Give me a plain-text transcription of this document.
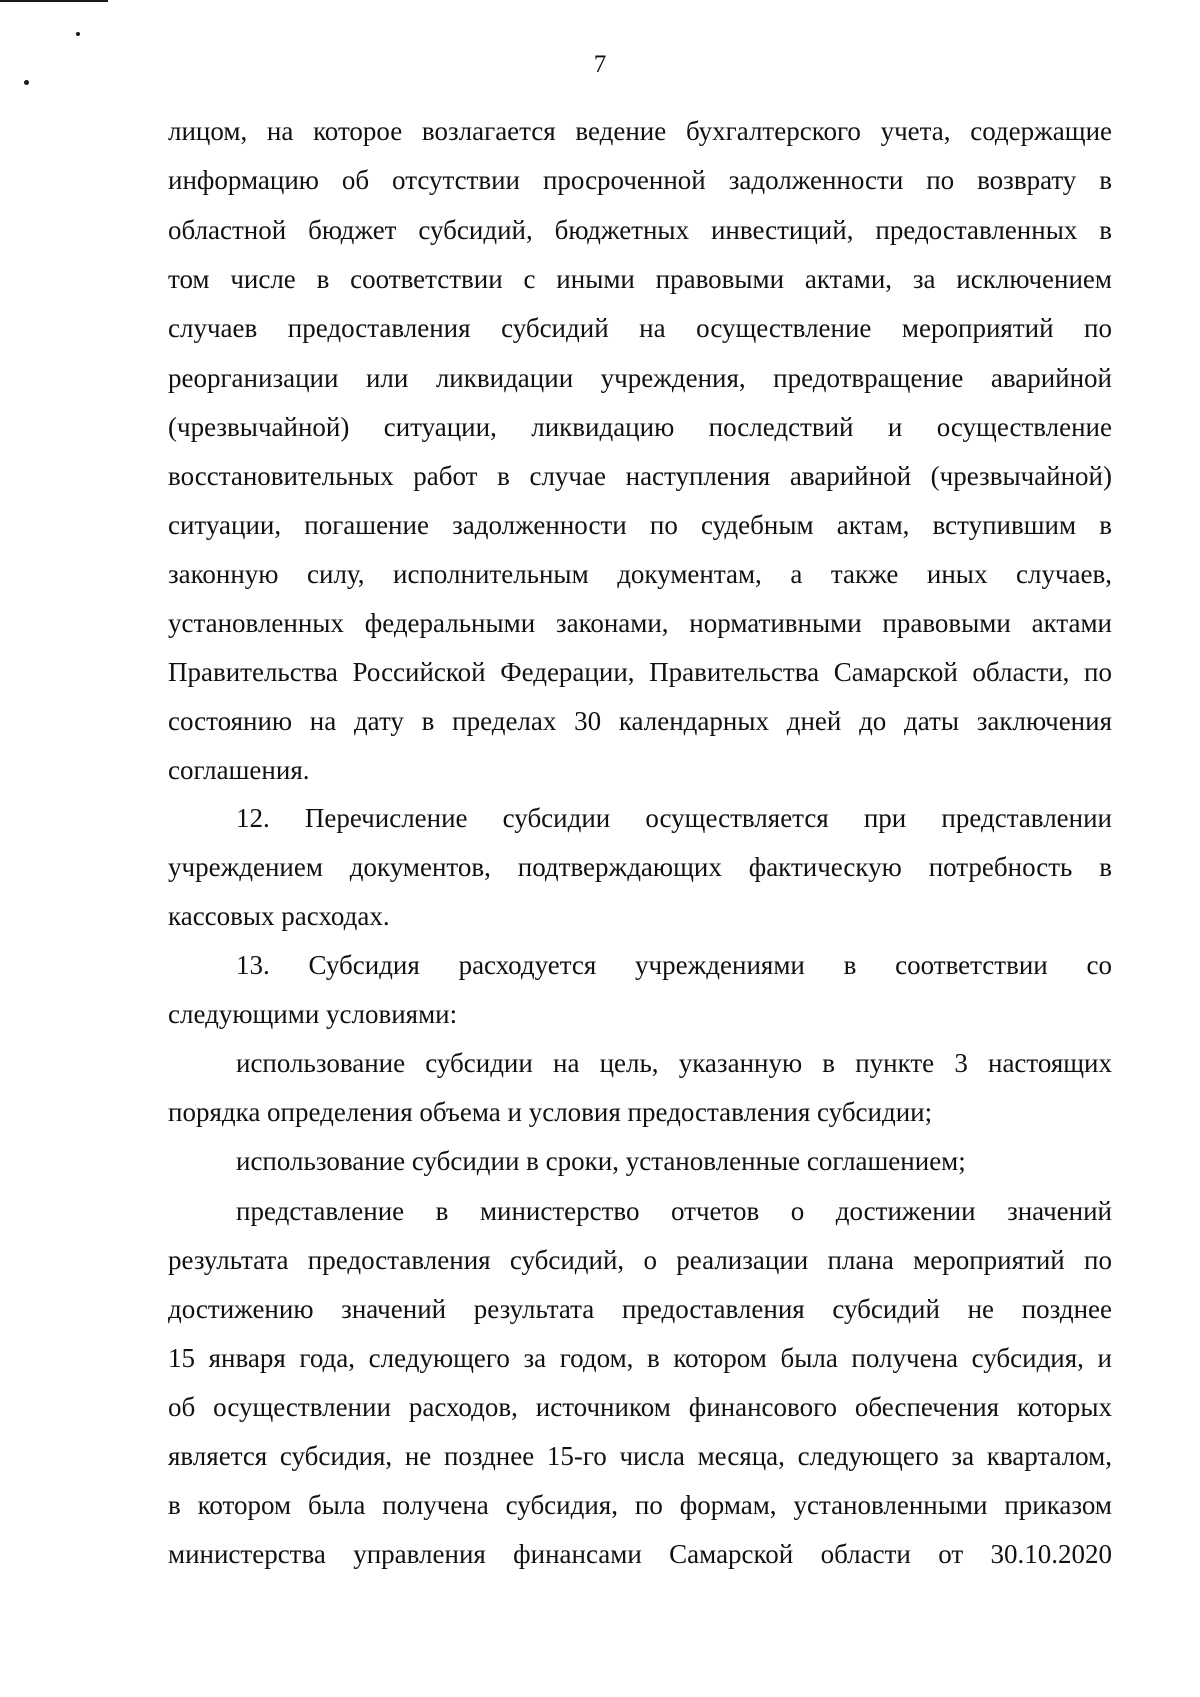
7
лицом, на которое возлагается ведение бухгалтерского учета, содержащие
информацию об отсутствии просроченной задолженности по возврату в
областной бюджет субсидий, бюджетных инвестиций, предоставленных в
том числе в соответствии с иными правовыми актами, за исключением
случаев предоставления субсидий на осуществление мероприятий по
реорганизации или ликвидации учреждения, предотвращение аварийной
(чрезвычайной) ситуации, ликвидацию последствий и осуществление
восстановительных работ в случае наступления аварийной (чрезвычайной)
ситуации, погашение задолженности по судебным актам, вступившим в
законную силу, исполнительным документам, а также иных случаев,
установленных федеральными законами, нормативными правовыми актами
Правительства Российской Федерации, Правительства Самарской области, по
состоянию на дату в пределах 30 календарных дней до даты заключения
соглашения.
12. Перечисление субсидии осуществляется при представлении
учреждением документов, подтверждающих фактическую потребность в
кассовых расходах.
13. Субсидия расходуется учреждениями в соответствии со
следующими условиями:
использование субсидии на цель, указанную в пункте 3 настоящих
порядка определения объема и условия предоставления субсидии;
использование субсидии в сроки, установленные соглашением;
представление в министерство отчетов о достижении значений
результата предоставления субсидий, о реализации плана мероприятий по
достижению значений результата предоставления субсидий не позднее
15 января года, следующего за годом, в котором была получена субсидия, и
об осуществлении расходов, источником финансового обеспечения которых
является субсидия, не позднее 15-го числа месяца, следующего за кварталом,
в котором была получена субсидия, по формам, установленными приказом
министерства управления финансами Самарской области от 30.10.2020
